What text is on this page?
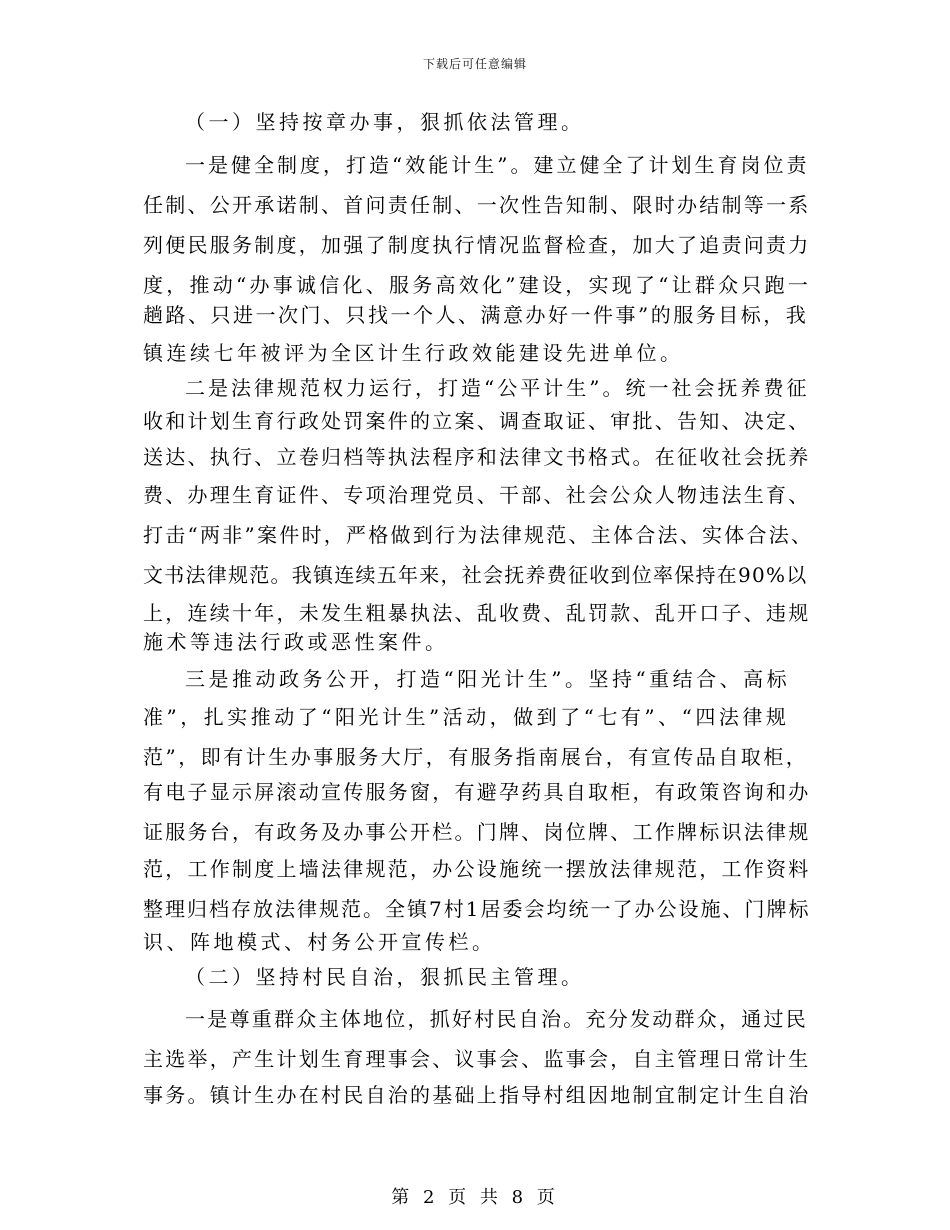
下载后可任意编辑
（一）坚持按章办事，狠抓依法管理。
一是健全制度，打造“效能计生”。建立健全了计划生育岗位责
任制、公开承诺制、首问责任制、一次性告知制、限时办结制等一系
列便民服务制度，加强了制度执行情况监督检查，加大了追责问责力
度，推动“办事诚信化、服务高效化”建设，实现了“让群众只跑一
趟路、只进一次门、只找一个人、满意办好一件事”的服务目标，我
镇连续七年被评为全区计生行政效能建设先进单位。
二是法律规范权力运行，打造“公平计生”。统一社会抚养费征
收和计划生育行政处罚案件的立案、调查取证、审批、告知、决定、
送达、执行、立卷归档等执法程序和法律文书格式。在征收社会抚养
费、办理生育证件、专项治理党员、干部、社会公众人物违法生育、
打击“两非”案件时，严格做到行为法律规范、主体合法、实体合法、
文书法律规范。我镇连续五年来，社会抚养费征收到位率保持在90%以
上，连续十年，未发生粗暴执法、乱收费、乱罚款、乱开口子、违规
施术等违法行政或恶性案件。
三是推动政务公开，打造“阳光计生”。坚持“重结合、高标
准”，扎实推动了“阳光计生”活动，做到了“七有”、“四法律规
范”，即有计生办事服务大厅，有服务指南展台，有宣传品自取柜，
有电子显示屏滚动宣传服务窗，有避孕药具自取柜，有政策咨询和办
证服务台，有政务及办事公开栏。门牌、岗位牌、工作牌标识法律规
范，工作制度上墙法律规范，办公设施统一摆放法律规范，工作资料
整理归档存放法律规范。全镇7村1居委会均统一了办公设施、门牌标
识、阵地模式、村务公开宣传栏。
（二）坚持村民自治，狠抓民主管理。
一是尊重群众主体地位，抓好村民自治。充分发动群众，通过民
主选举，产生计划生育理事会、议事会、监事会，自主管理日常计生
事务。镇计生办在村民自治的基础上指导村组因地制宜制定计生自治
第 2 页 共 8 页
